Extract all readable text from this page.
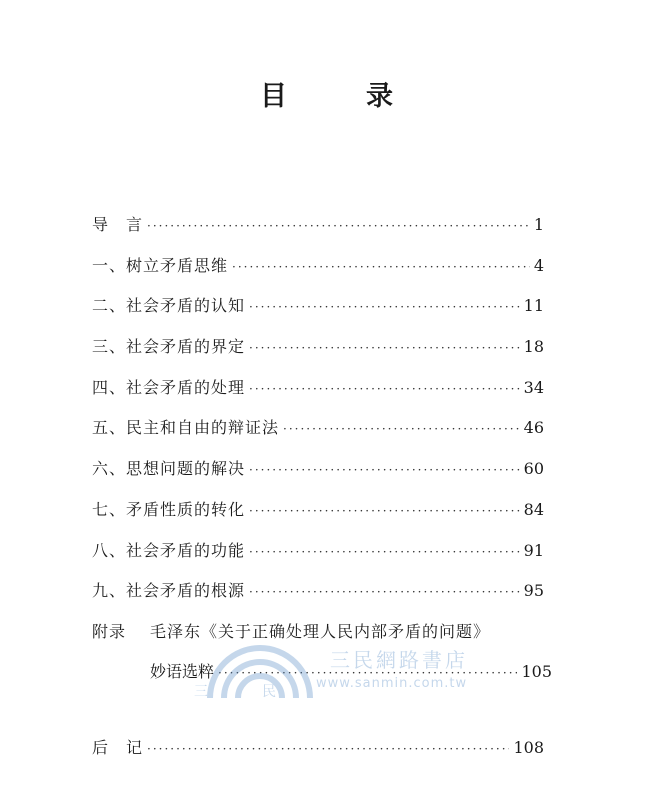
目　录
导　言 ·····	1
一、树立矛盾思维 ·····	4
二、社会矛盾的认知 ·····	11
三、社会矛盾的界定 ·····	18
四、社会矛盾的处理 ·····	34
五、民主和自由的辩证法 ·····	46
六、思想问题的解决 ·····	60
七、矛盾性质的转化 ·····	84
八、社会矛盾的功能 ·····	91
九、社会矛盾的根源 ·····	95
附录 毛泽东《关于正确处理人民内部矛盾的问题》
妙语选粹 ·····	105
后　记 ·····	108
三	民
三民網路書店
www.sanmin.com.tw
